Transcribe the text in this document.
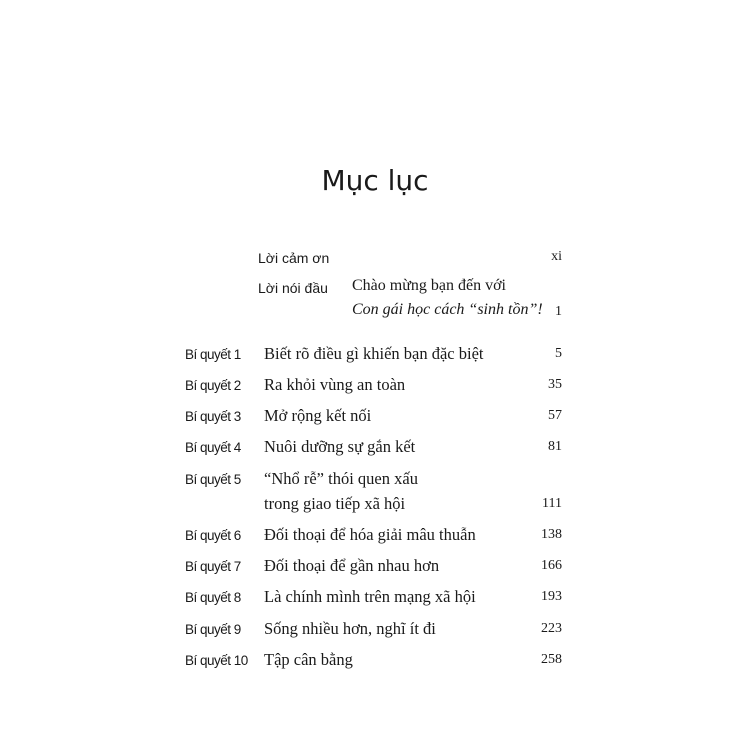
Mục lục
Lời cảm ơn	xi
Lời nói đầu Chào mừng bạn đến với
Con gái học cách “sinh tồn”! 1
Bí quyết 1 Biết rõ điều gì khiến bạn đặc biệt	5
Bí quyết 2 Ra khỏi vùng an toàn	35
Bí quyết 3 Mở rộng kết nối	57
Bí quyết 4 Nuôi dưỡng sự gắn kết	81
Bí quyết 5 “Nhổ rễ” thói quen xấu
trong giao tiếp xã hội	111
Bí quyết 6 Đối thoại để hóa giải mâu thuẫn	138
Bí quyết 7 Đối thoại để gần nhau hơn	166
Bí quyết 8 Là chính mình trên mạng xã hội	193
Bí quyết 9 Sống nhiều hơn, nghĩ ít đi	223
Bí quyết 10 Tập cân bằng	258
